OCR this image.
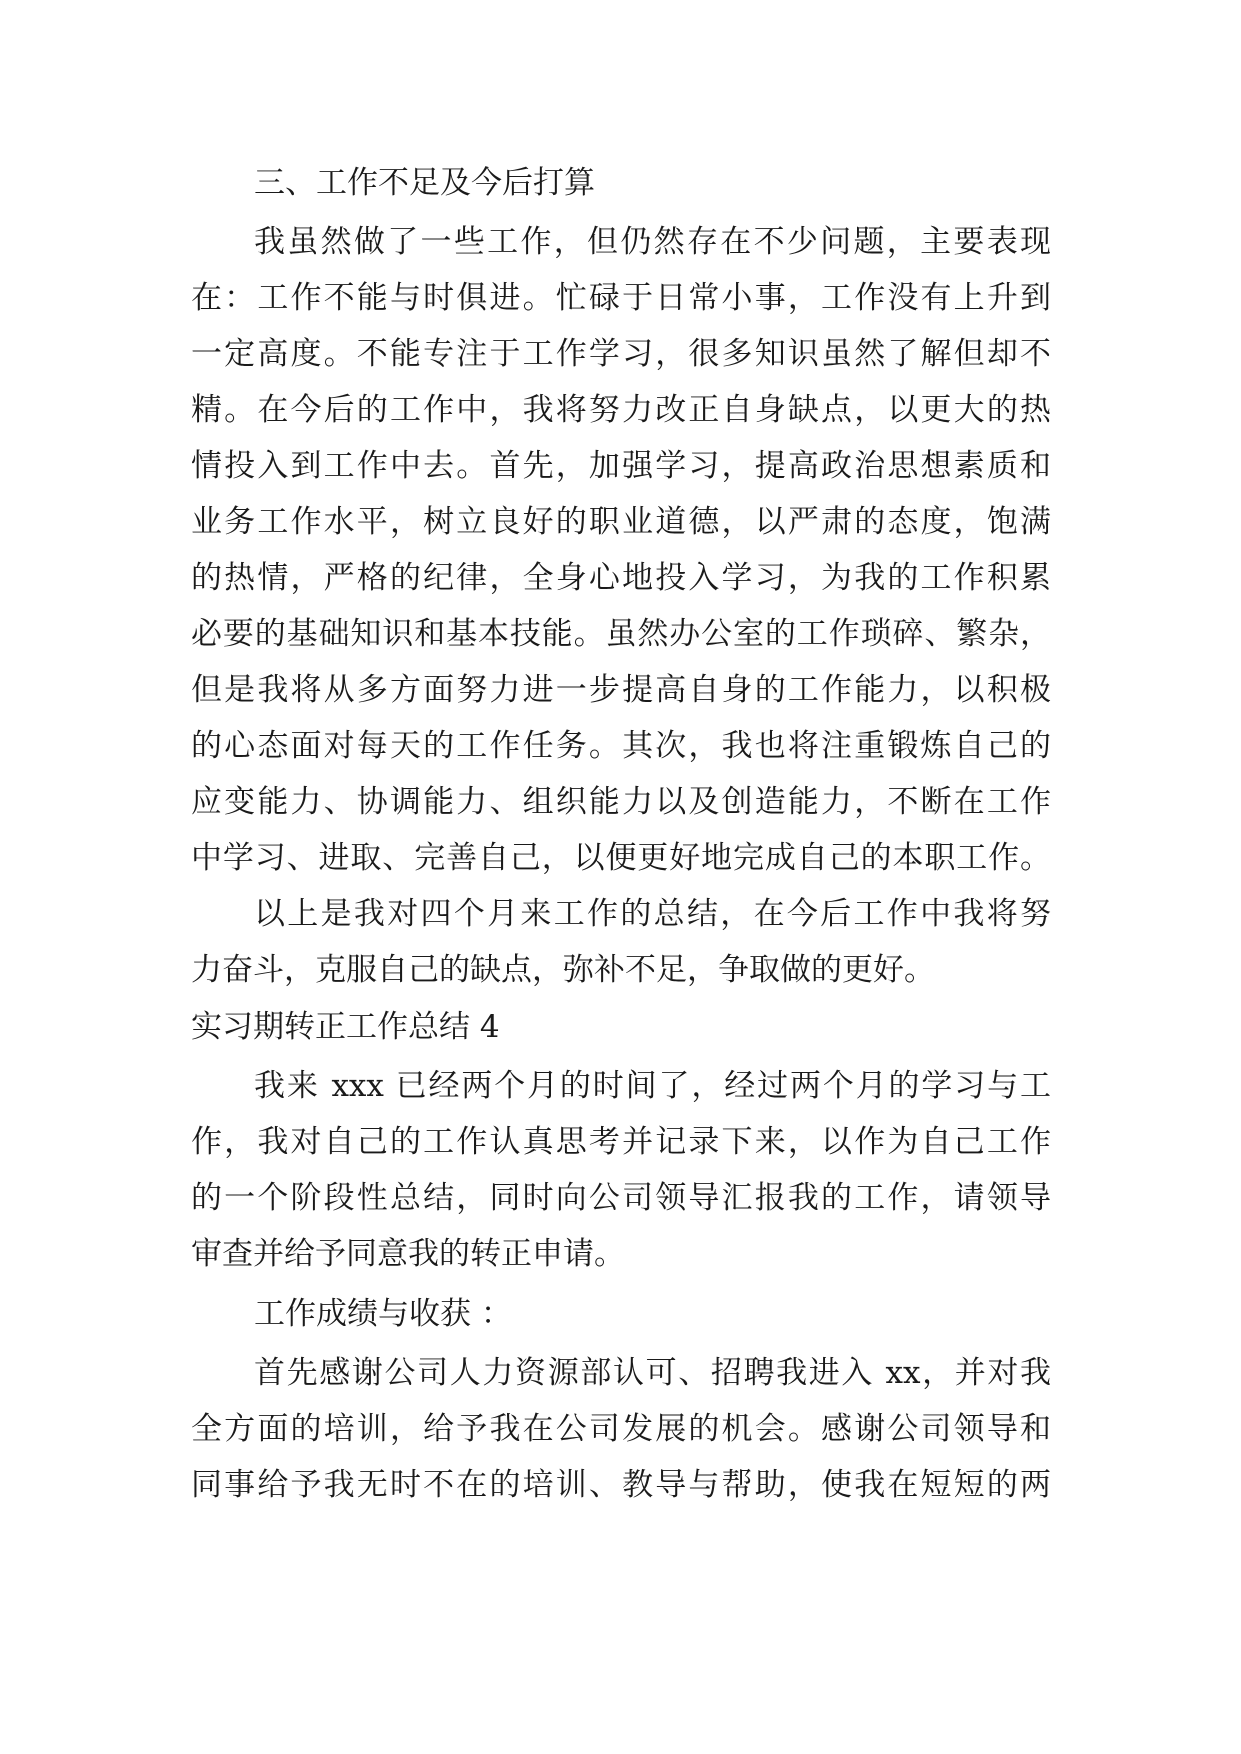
三、工作不足及今后打算
我虽然做了一些工作，但仍然存在不少问题，主要表现
在：工作不能与时俱进。忙碌于日常小事，工作没有上升到
一定高度。不能专注于工作学习，很多知识虽然了解但却不
精。在今后的工作中，我将努力改正自身缺点，以更大的热
情投入到工作中去。首先，加强学习，提高政治思想素质和
业务工作水平，树立良好的职业道德，以严肃的态度，饱满
的热情，严格的纪律，全身心地投入学习，为我的工作积累
必要的基础知识和基本技能。虽然办公室的工作琐碎、繁杂，
但是我将从多方面努力进一步提高自身的工作能力，以积极
的心态面对每天的工作任务。其次，我也将注重锻炼自己的
应变能力、协调能力、组织能力以及创造能力，不断在工作
中学习、进取、完善自己，以便更好地完成自己的本职工作。
以上是我对四个月来工作的总结，在今后工作中我将努
力奋斗，克服自己的缺点，弥补不足，争取做的更好。
实习期转正工作总结 4
我来 xxx 已经两个月的时间了，经过两个月的学习与工
作，我对自己的工作认真思考并记录下来，以作为自己工作
的一个阶段性总结，同时向公司领导汇报我的工作，请领导
审查并给予同意我的转正申请。
工作成绩与收获 ：
首先感谢公司人力资源部认可、招聘我进入 xx，并对我
全方面的培训，给予我在公司发展的机会。感谢公司领导和
同事给予我无时不在的培训、教导与帮助，使我在短短的两
